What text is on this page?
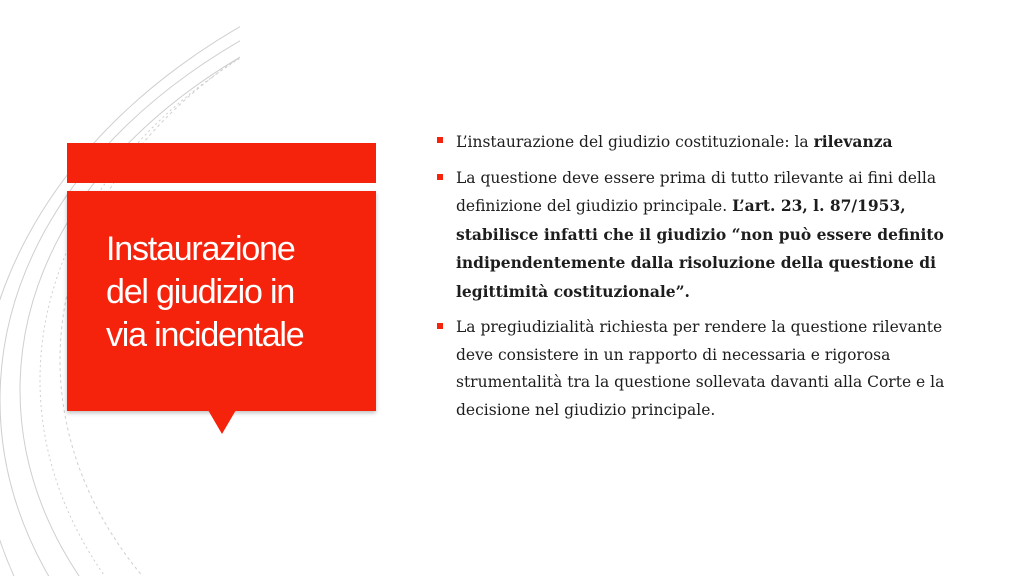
Instaurazione
del giudizio in
via incidentale
L’instaurazione del giudizio costituzionale: la rilevanza
La questione deve essere prima di tutto rilevante ai fini della definizione del giudizio principale. L’art. 23, l. 87/1953, stabilisce infatti che il giudizio “non può essere definito indipendentemente dalla risoluzione della questione di legittimità costituzionale”.
La pregiudizialità richiesta per rendere la questione rilevante deve consistere in un rapporto di necessaria e rigorosa strumentalità tra la questione sollevata davanti alla Corte e la decisione nel giudizio principale.
